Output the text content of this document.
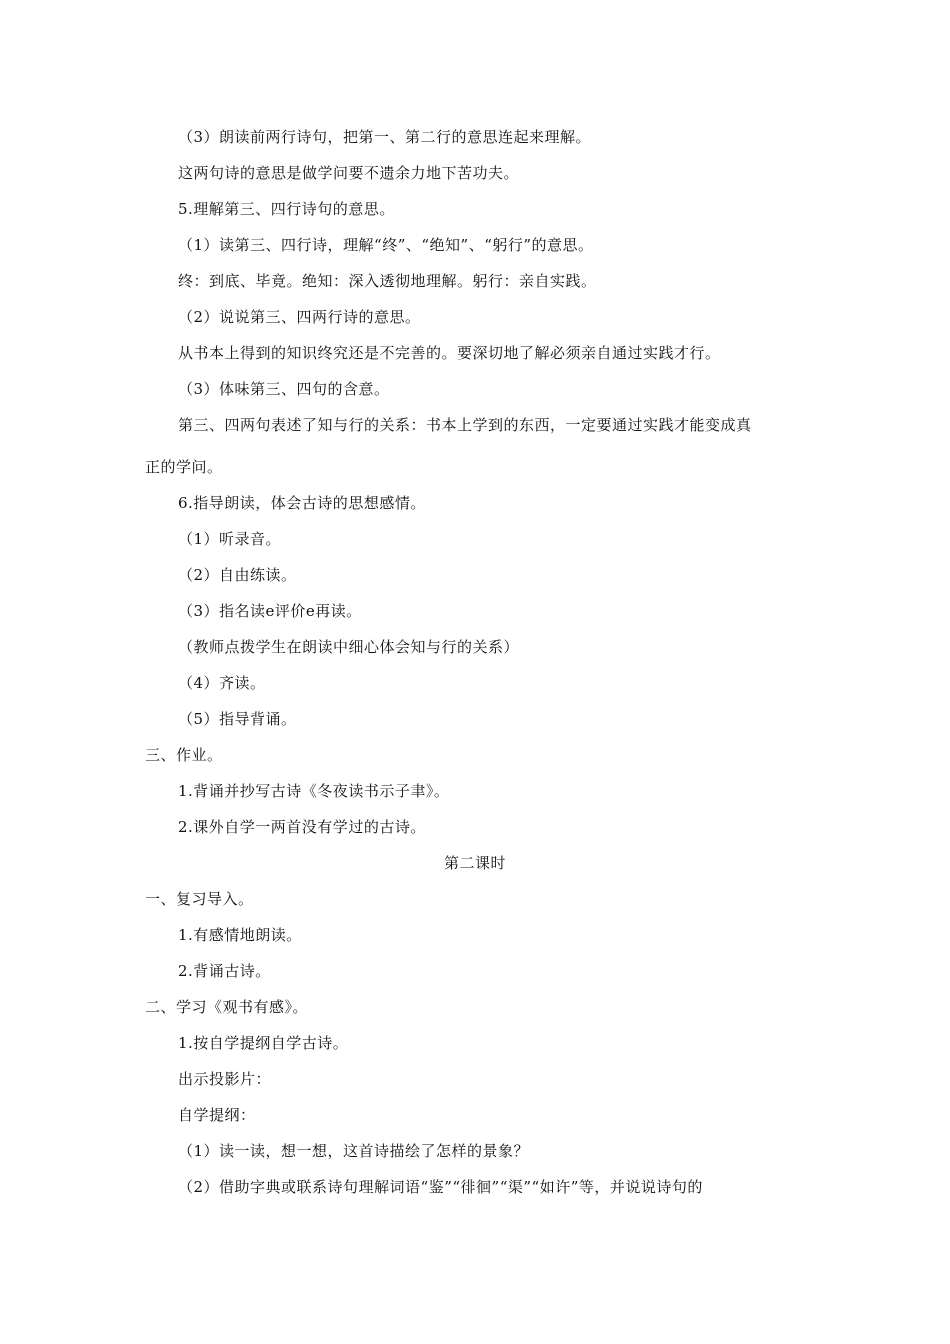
（3）朗读前两行诗句，把第一、第二行的意思连起来理解。
这两句诗的意思是做学问要不遗余力地下苦功夫。
5.理解第三、四行诗句的意思。
（1）读第三、四行诗，理解“终”、“绝知”、“躬行”的意思。
终：到底、毕竟。绝知：深入透彻地理解。躬行：亲自实践。
（2）说说第三、四两行诗的意思。
从书本上得到的知识终究还是不完善的。要深切地了解必须亲自通过实践才行。
（3）体味第三、四句的含意。
第三、四两句表述了知与行的关系：书本上学到的东西，一定要通过实践才能变成真
正的学问。
6.指导朗读，体会古诗的思想感情。
（1）听录音。
（2）自由练读。
（3）指名读e评价e再读。
（教师点拨学生在朗读中细心体会知与行的关系）
（4）齐读。
（5）指导背诵。
三、作业。
1.背诵并抄写古诗《冬夜读书示子聿》。
2.课外自学一两首没有学过的古诗。
第二课时
一、复习导入。
1.有感情地朗读。
2.背诵古诗。
二、学习《观书有感》。
1.按自学提纲自学古诗。
出示投影片：
自学提纲：
（1）读一读，想一想，这首诗描绘了怎样的景象？
（2）借助字典或联系诗句理解词语“鉴”“徘徊”“渠”“如许”等，并说说诗句的
